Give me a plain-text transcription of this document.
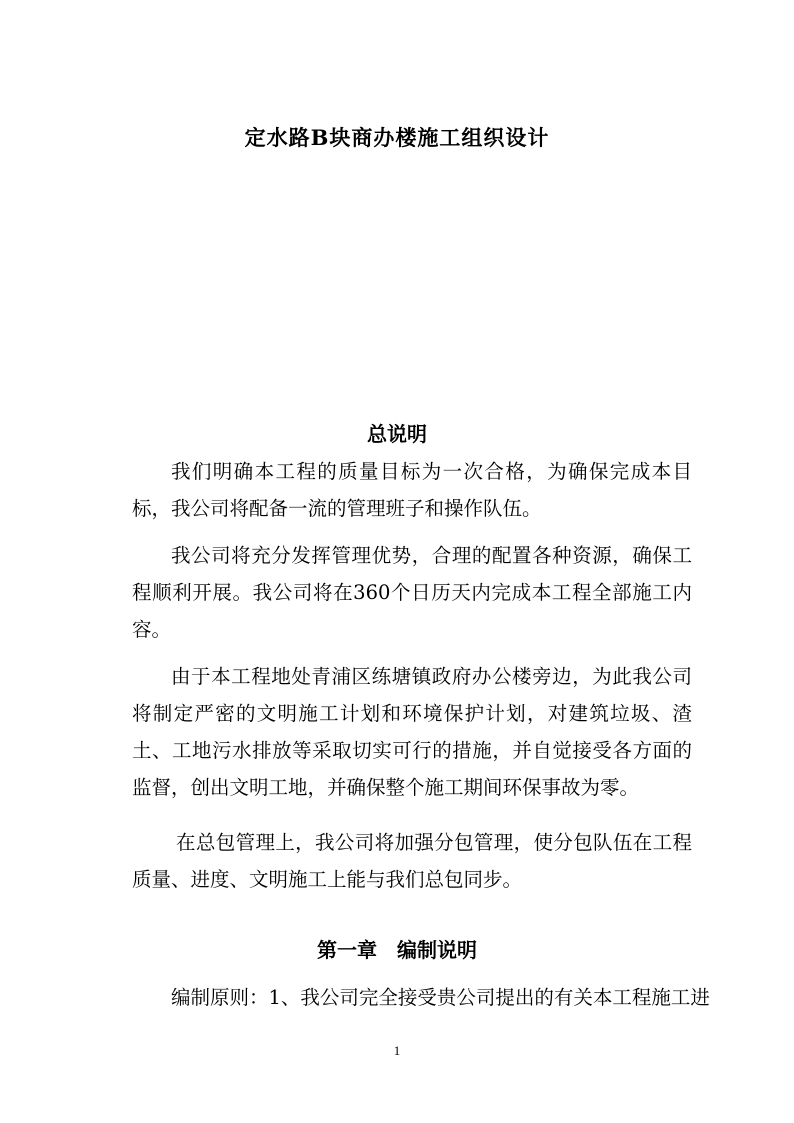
定水路B块商办楼施工组织设计
总说明
我们明确本工程的质量目标为一次合格，为确保完成本目标，我公司将配备一流的管理班子和操作队伍。
我公司将充分发挥管理优势，合理的配置各种资源，确保工程顺利开展。我公司将在360个日历天内完成本工程全部施工内容。
由于本工程地处青浦区练塘镇政府办公楼旁边，为此我公司将制定严密的文明施工计划和环境保护计划，对建筑垃圾、渣土、工地污水排放等采取切实可行的措施，并自觉接受各方面的监督，创出文明工地，并确保整个施工期间环保事故为零。
在总包管理上，我公司将加强分包管理，使分包队伍在工程质量、进度、文明施工上能与我们总包同步。
第一章　编制说明
编制原则：1、我公司完全接受贵公司提出的有关本工程施工进
1
